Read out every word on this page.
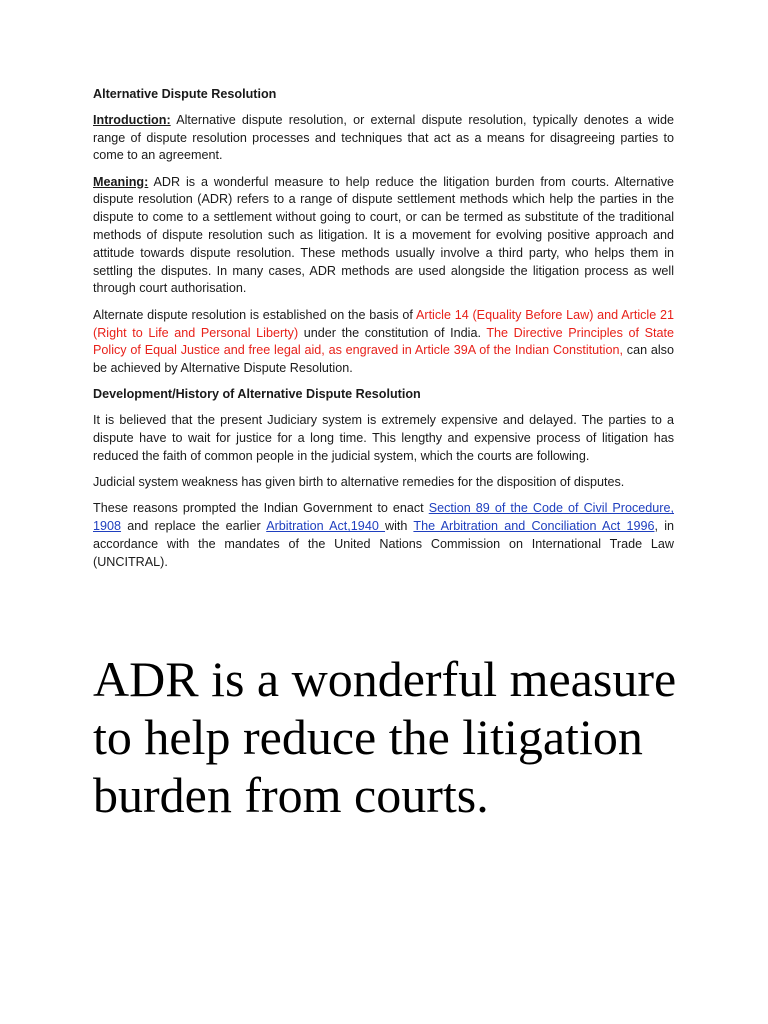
Alternative Dispute Resolution

Introduction: Alternative dispute resolution, or external dispute resolution, typically denotes a wide range of dispute resolution processes and techniques that act as a means for disagreeing parties to come to an agreement.

Meaning: ADR is a wonderful measure to help reduce the litigation burden from courts. Alternative dispute resolution (ADR) refers to a range of dispute settlement methods which help the parties in the dispute to come to a settlement without going to court, or can be termed as substitute of the traditional methods of dispute resolution such as litigation. It is a movement for evolving positive approach and attitude towards dispute resolution. These methods usually involve a third party, who helps them in settling the disputes. In many cases, ADR methods are used alongside the litigation process as well through court authorisation.

Alternate dispute resolution is established on the basis of Article 14 (Equality Before Law) and Article 21 (Right to Life and Personal Liberty) under the constitution of India. The Directive Principles of State Policy of Equal Justice and free legal aid, as engraved in Article 39A of the Indian Constitution, can also be achieved by Alternative Dispute Resolution.

Development/History of Alternative Dispute Resolution

It is believed that the present Judiciary system is extremely expensive and delayed. The parties to a dispute have to wait for justice for a long time. This lengthy and expensive process of litigation has reduced the faith of common people in the judicial system, which the courts are following.

Judicial system weakness has given birth to alternative remedies for the disposition of disputes.

These reasons prompted the Indian Government to enact Section 89 of the Code of Civil Procedure, 1908 and replace the earlier Arbitration Act,1940 with The Arbitration and Conciliation Act 1996, in accordance with the mandates of the United Nations Commission on International Trade Law (UNCITRAL).

ADR is a wonderful measure to help reduce the litigation burden from courts.
